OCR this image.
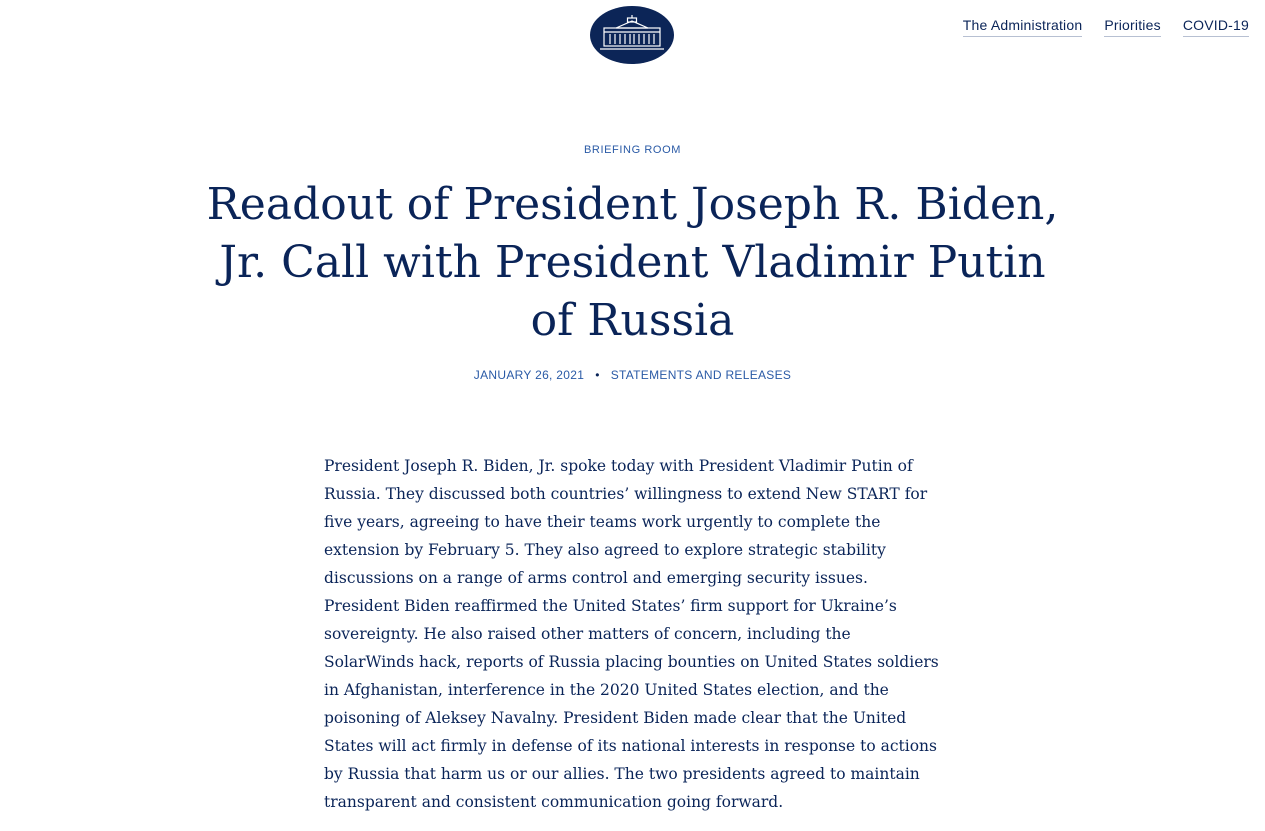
The Administration Priorities COVID-19
BRIEFING ROOM
Readout of President Joseph R. Biden, Jr. Call with President Vladimir Putin of Russia
JANUARY 26, 2021 • STATEMENTS AND RELEASES

President Joseph R. Biden, Jr. spoke today with President Vladimir Putin of Russia. They discussed both countries’ willingness to extend New START for five years, agreeing to have their teams work urgently to complete the extension by February 5. They also agreed to explore strategic stability discussions on a range of arms control and emerging security issues. President Biden reaffirmed the United States’ firm support for Ukraine’s sovereignty. He also raised other matters of concern, including the SolarWinds hack, reports of Russia placing bounties on United States soldiers in Afghanistan, interference in the 2020 United States election, and the poisoning of Aleksey Navalny. President Biden made clear that the United States will act firmly in defense of its national interests in response to actions by Russia that harm us or our allies. The two presidents agreed to maintain transparent and consistent communication going forward.
